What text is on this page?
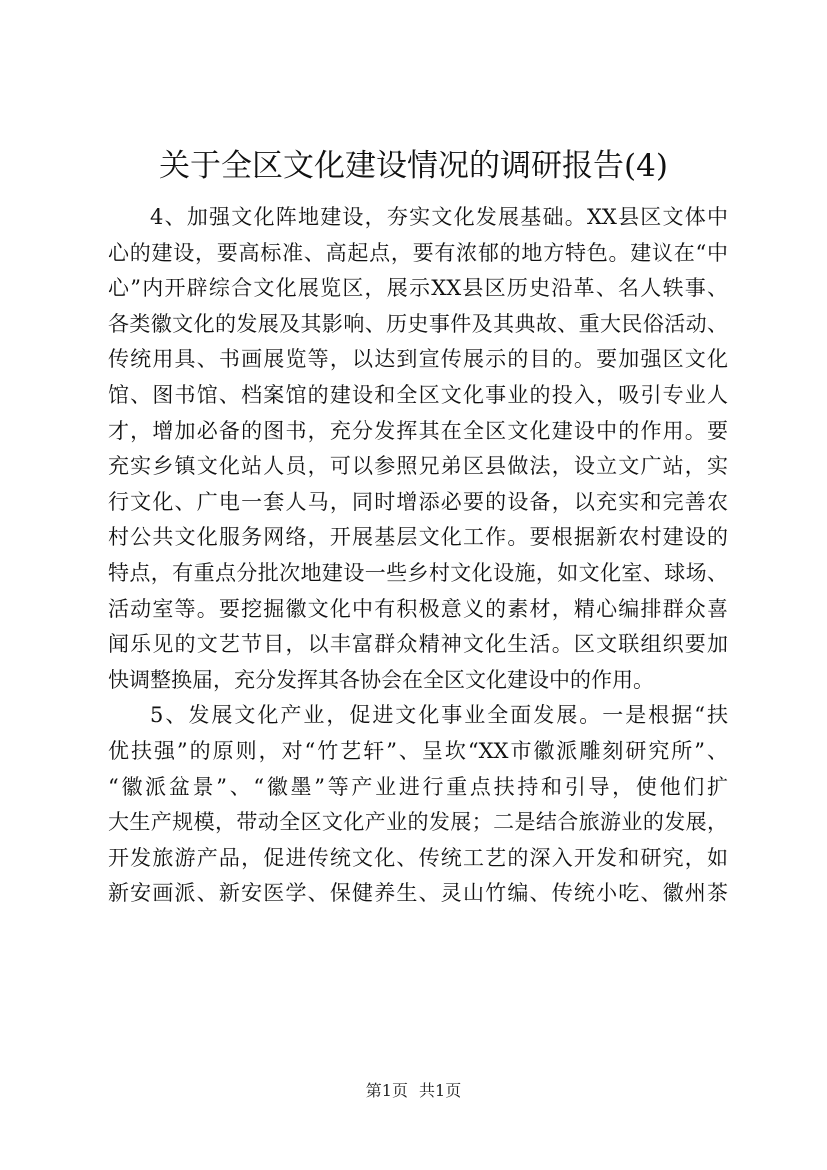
关于全区文化建设情况的调研报告(4)
4、加强文化阵地建设，夯实文化发展基础。XX县区文体中
心的建设，要高标准、高起点，要有浓郁的地方特色。建议在“中
心”内开辟综合文化展览区，展示XX县区历史沿革、名人轶事、
各类徽文化的发展及其影响、历史事件及其典故、重大民俗活动、
传统用具、书画展览等，以达到宣传展示的目的。要加强区文化
馆、图书馆、档案馆的建设和全区文化事业的投入，吸引专业人
才，增加必备的图书，充分发挥其在全区文化建设中的作用。要
充实乡镇文化站人员，可以参照兄弟区县做法，设立文广站，实
行文化、广电一套人马，同时增添必要的设备，以充实和完善农
村公共文化服务网络，开展基层文化工作。要根据新农村建设的
特点，有重点分批次地建设一些乡村文化设施，如文化室、球场、
活动室等。要挖掘徽文化中有积极意义的素材，精心编排群众喜
闻乐见的文艺节目，以丰富群众精神文化生活。区文联组织要加
快调整换届，充分发挥其各协会在全区文化建设中的作用。
5、发展文化产业，促进文化事业全面发展。一是根据“扶
优扶强”的原则，对“竹艺轩”、呈坎“XX市徽派雕刻研究所”、
“徽派盆景”、“徽墨”等产业进行重点扶持和引导，使他们扩
大生产规模，带动全区文化产业的发展；二是结合旅游业的发展，
开发旅游产品，促进传统文化、传统工艺的深入开发和研究，如
新安画派、新安医学、保健养生、灵山竹编、传统小吃、徽州茶
第1页 共1页
